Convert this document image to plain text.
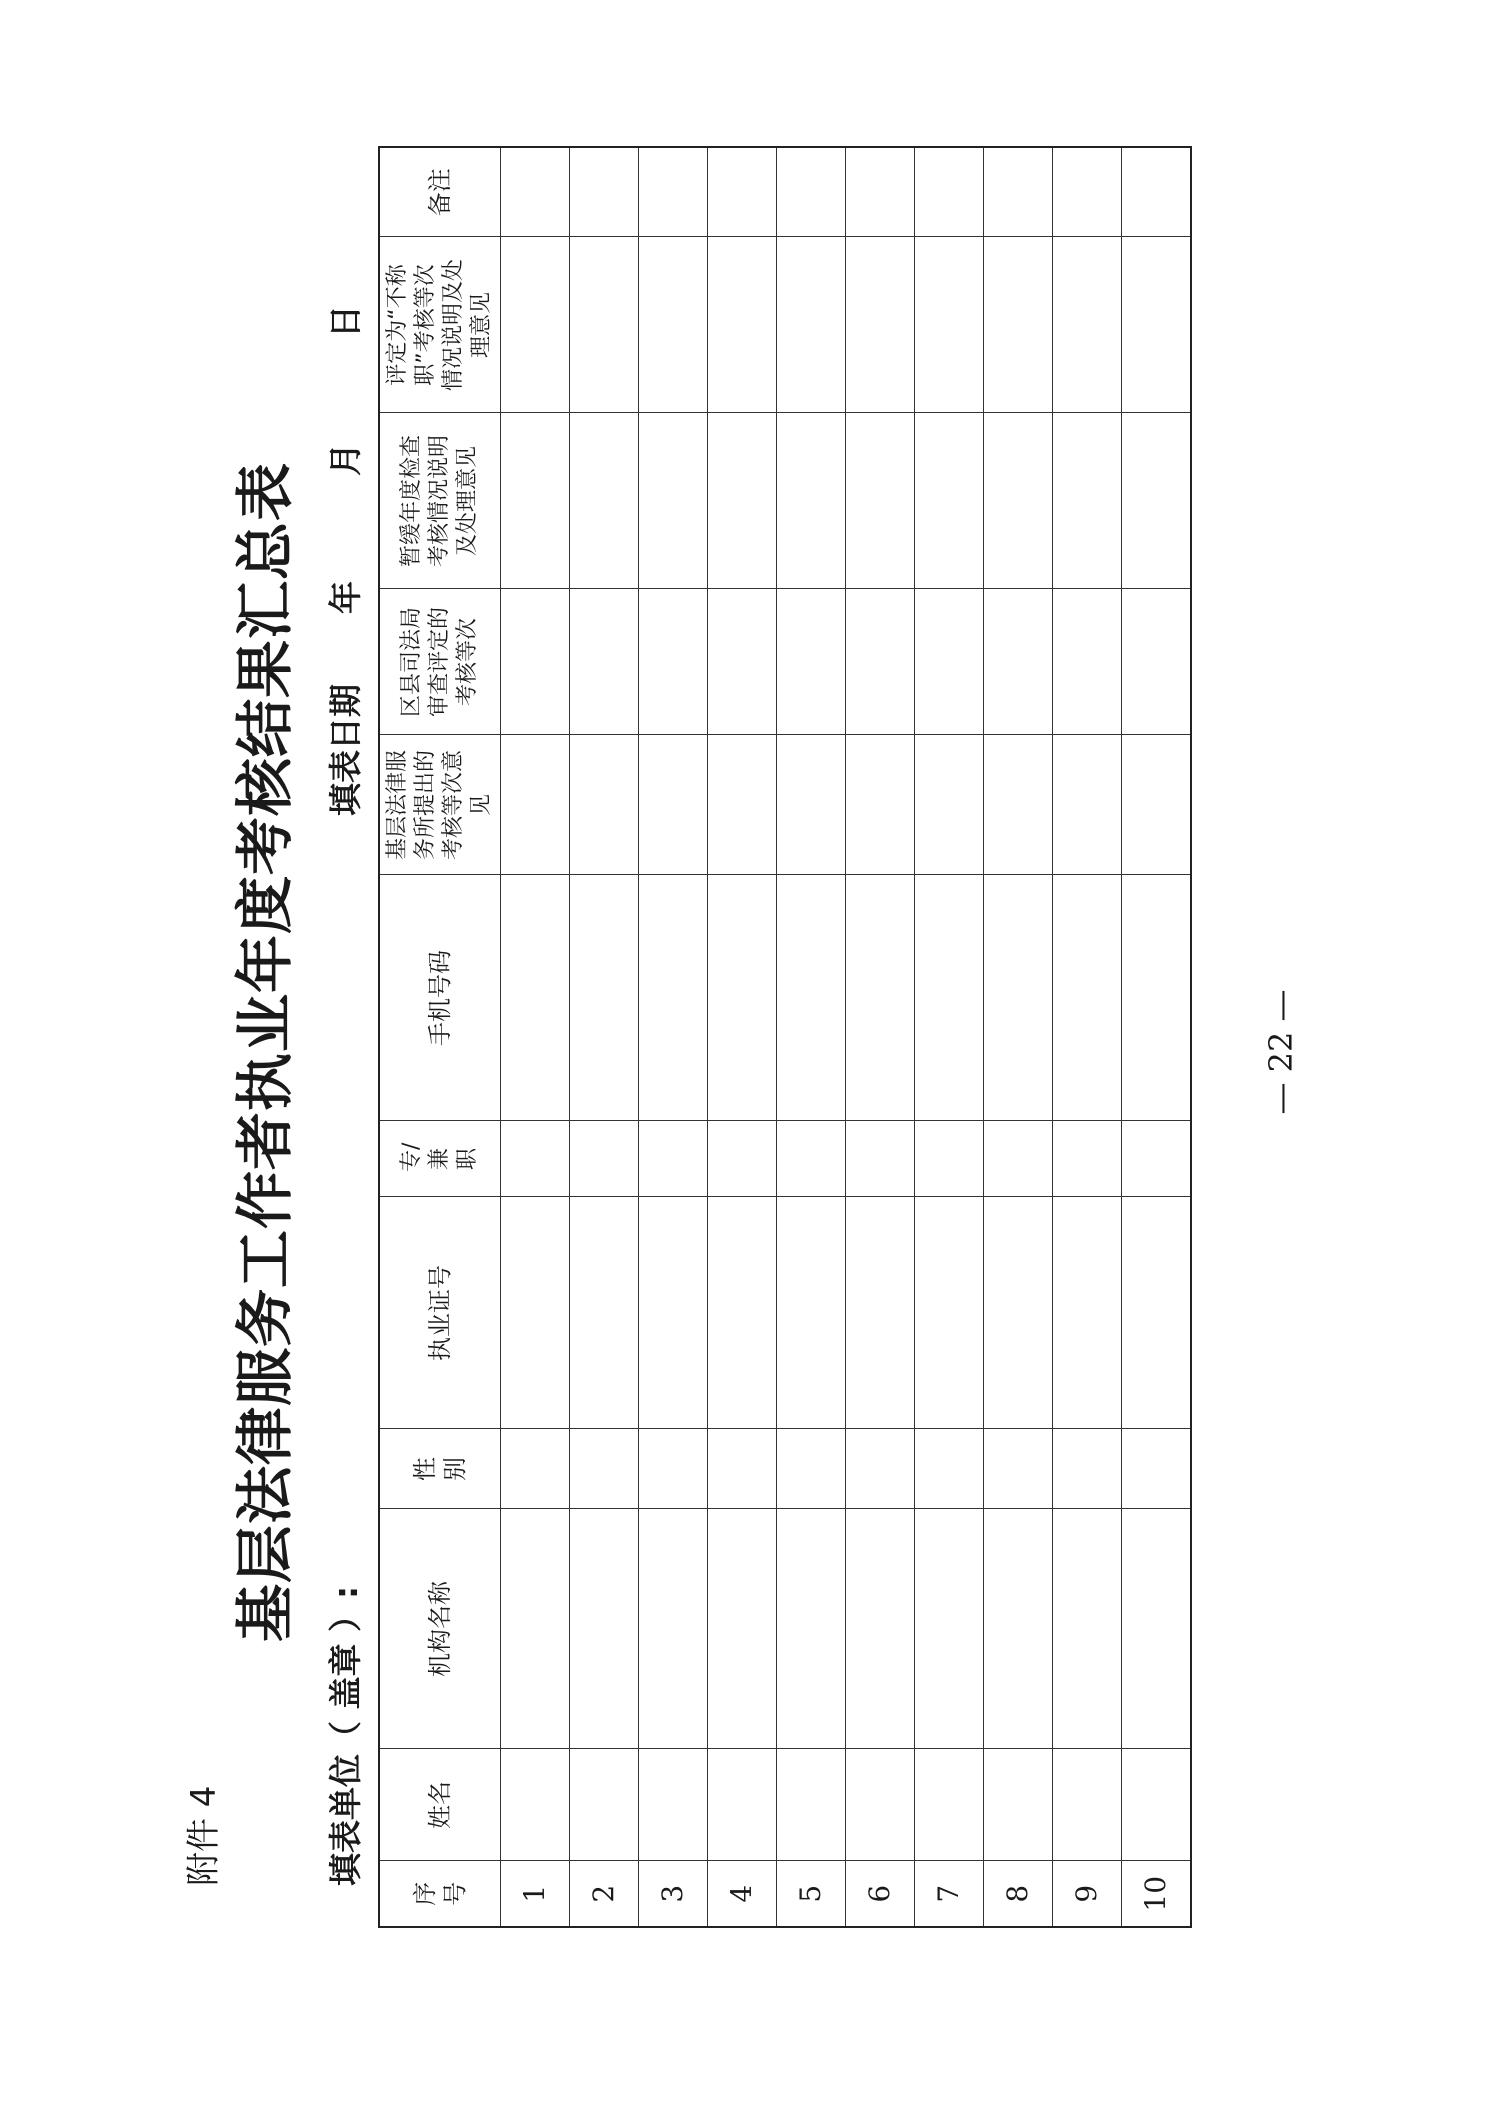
附件 4
基层法律服务工作者执业年度考核结果汇总表
填表单位（ 盖章 ）:
填表日期年月日
序号	姓名	机构名称	性别	执业证号	专/兼职	手机号码	基层法律服务所提出的考核等次意见	区县司法局审查评定的考核等次	暂缓年度检查考核情况说明及处理意见	评定为“不称职”考核等次情况说明及处理意见	备注
1											
2											
3											
4											
5											
6											
7											
8											
9											
10											
— 22 —
